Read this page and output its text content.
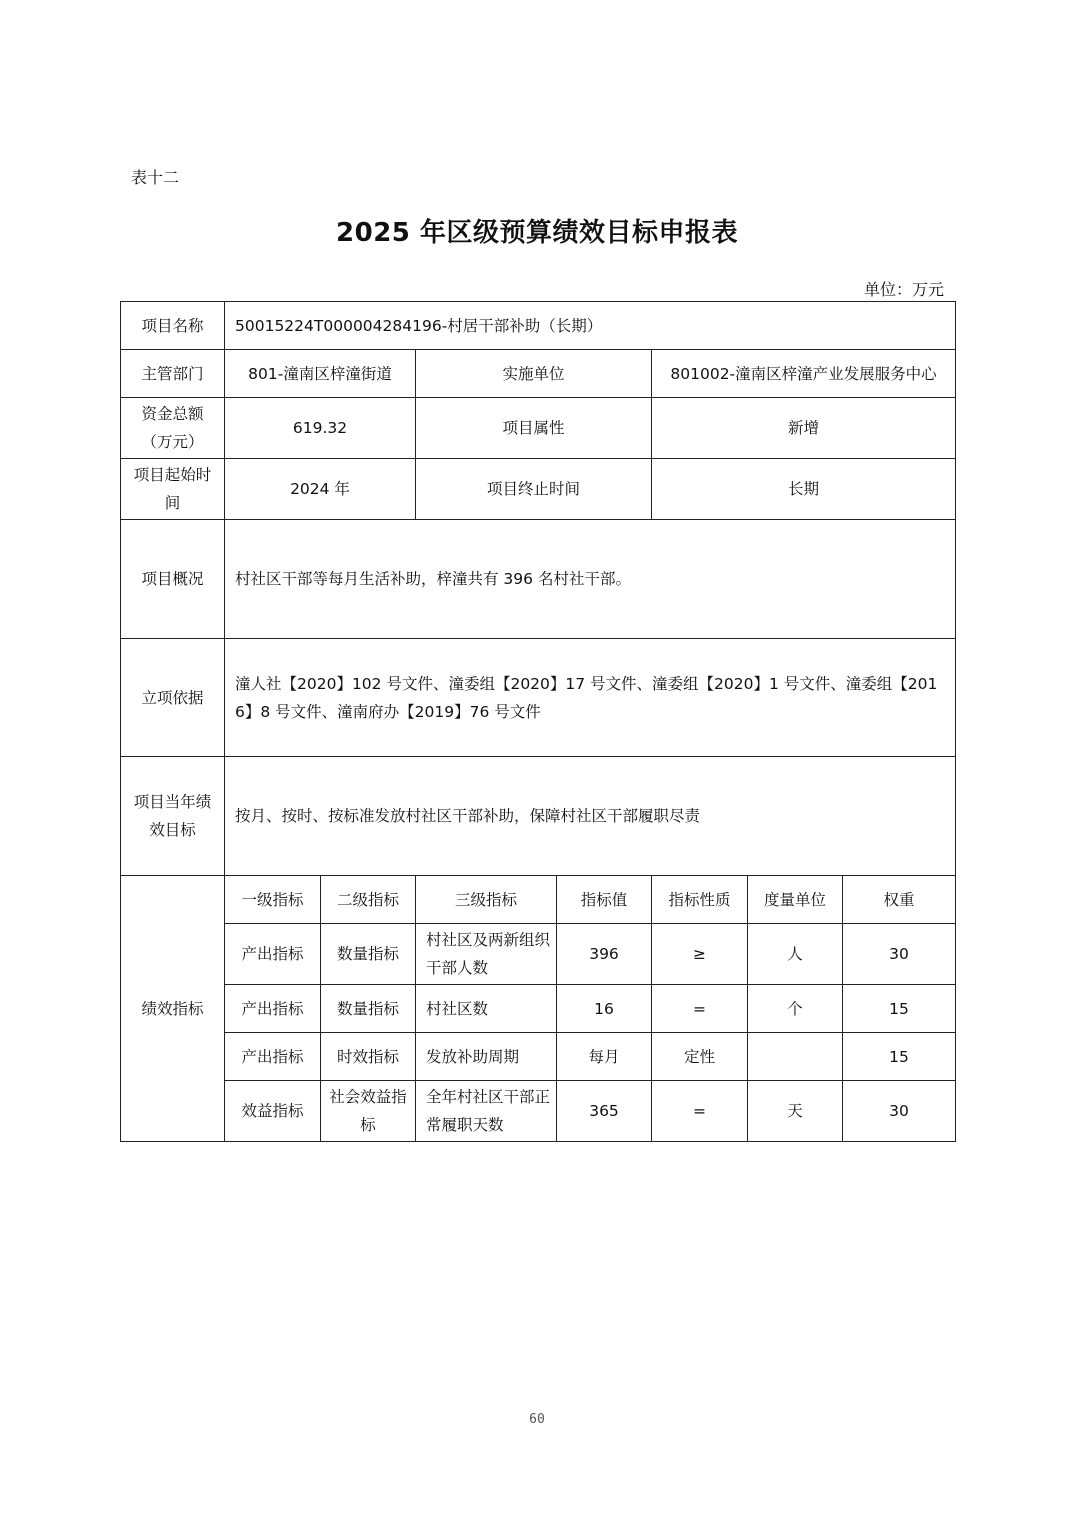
表十二
2025 年区级预算绩效目标申报表
单位：万元
项目名称	50015224T000004284196-村居干部补助（长期）						
主管部门	801-潼南区梓潼街道		实施单位		801002-潼南区梓潼产业发展服务中心		
资金总额（万元）	619.32		项目属性		新增		
项目起始时间	2024 年		项目终止时间		长期		
项目概况	村社区干部等每月生活补助，梓潼共有 396 名村社干部。						
立项依据	潼人社【2020】102 号文件、潼委组【2020】17 号文件、潼委组【2020】1 号文件、潼委组【2016】8 号文件、潼南府办【2019】76 号文件						
项目当年绩效目标	按月、按时、按标准发放村社区干部补助，保障村社区干部履职尽责						
绩效指标	一级指标	二级指标	三级指标	指标值	指标性质	度量单位	权重
	产出指标	数量指标	村社区及两新组织干部人数	396	≥	人	30
	产出指标	数量指标	村社区数	16	=	个	15
	产出指标	时效指标	发放补助周期	每月	定性		15
	效益指标	社会效益指标	全年村社区干部正常履职天数	365	=	天	30
60
